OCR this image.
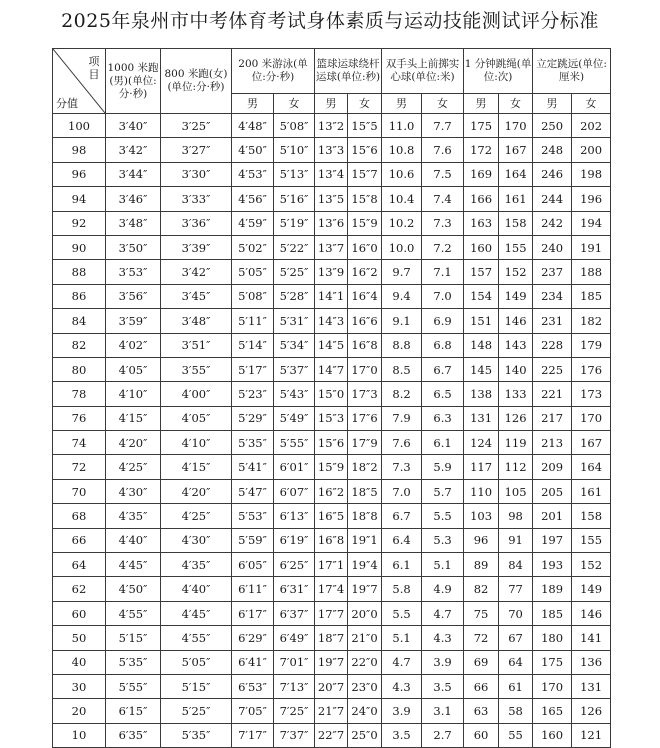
2025年泉州市中考体育考试身体素质与运动技能测试评分标准
项目
分值	1000 米跑(男)(单位:分·秒)	800 米跑(女)(单位:分·秒)	200 米游泳(单位:分·秒)		篮球运球绕杆运球(单位:秒)		双手头上前掷实心球(单位:米)		1 分钟跳绳(单位:次)		立定跳远(单位:厘米)	
			男	女	男	女	男	女	男	女	男	女
100	3′40″	3′25″	4′48″	5′08″	13″2	15″5	11.0	7.7	175	170	250	202
98	3′42″	3′27″	4′50″	5′10″	13″3	15″6	10.8	7.6	172	167	248	200
96	3′44″	3′30″	4′53″	5′13″	13″4	15″7	10.6	7.5	169	164	246	198
94	3′46″	3′33″	4′56″	5′16″	13″5	15″8	10.4	7.4	166	161	244	196
92	3′48″	3′36″	4′59″	5′19″	13″6	15″9	10.2	7.3	163	158	242	194
90	3′50″	3′39″	5′02″	5′22″	13″7	16″0	10.0	7.2	160	155	240	191
88	3′53″	3′42″	5′05″	5′25″	13″9	16″2	9.7	7.1	157	152	237	188
86	3′56″	3′45″	5′08″	5′28″	14″1	16″4	9.4	7.0	154	149	234	185
84	3′59″	3′48″	5′11″	5′31″	14″3	16″6	9.1	6.9	151	146	231	182
82	4′02″	3′51″	5′14″	5′34″	14″5	16″8	8.8	6.8	148	143	228	179
80	4′05″	3′55″	5′17″	5′37″	14″7	17″0	8.5	6.7	145	140	225	176
78	4′10″	4′00″	5′23″	5′43″	15″0	17″3	8.2	6.5	138	133	221	173
76	4′15″	4′05″	5′29″	5′49″	15″3	17″6	7.9	6.3	131	126	217	170
74	4′20″	4′10″	5′35″	5′55″	15″6	17″9	7.6	6.1	124	119	213	167
72	4′25″	4′15″	5′41″	6′01″	15″9	18″2	7.3	5.9	117	112	209	164
70	4′30″	4′20″	5′47″	6′07″	16″2	18″5	7.0	5.7	110	105	205	161
68	4′35″	4′25″	5′53″	6′13″	16″5	18″8	6.7	5.5	103	98	201	158
66	4′40″	4′30″	5′59″	6′19″	16″8	19″1	6.4	5.3	96	91	197	155
64	4′45″	4′35″	6′05″	6′25″	17″1	19″4	6.1	5.1	89	84	193	152
62	4′50″	4′40″	6′11″	6′31″	17″4	19″7	5.8	4.9	82	77	189	149
60	4′55″	4′45″	6′17″	6′37″	17″7	20″0	5.5	4.7	75	70	185	146
50	5′15″	4′55″	6′29″	6′49″	18″7	21″0	5.1	4.3	72	67	180	141
40	5′35″	5′05″	6′41″	7′01″	19″7	22″0	4.7	3.9	69	64	175	136
30	5′55″	5′15″	6′53″	7′13″	20″7	23″0	4.3	3.5	66	61	170	131
20	6′15″	5′25″	7′05″	7′25″	21″7	24″0	3.9	3.1	63	58	165	126
10	6′35″	5′35″	7′17″	7′37″	22″7	25″0	3.5	2.7	60	55	160	121
